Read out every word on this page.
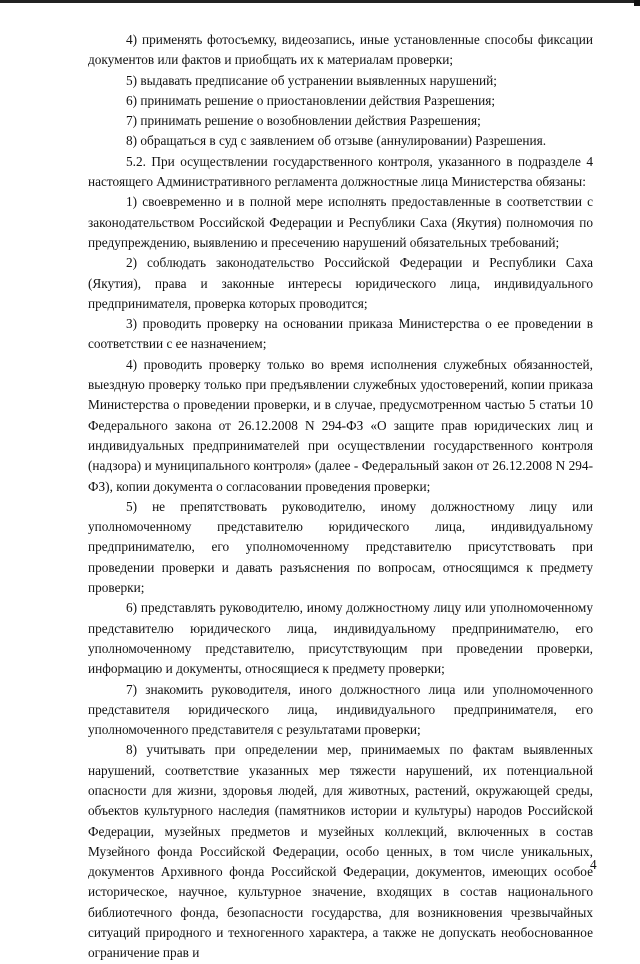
4) применять фотосъемку, видеозапись, иные установленные способы фиксации документов или фактов и приобщать их к материалам проверки;

5) выдавать предписание об устранении выявленных нарушений;

6) принимать решение о приостановлении действия Разрешения;

7) принимать решение о возобновлении действия Разрешения;

8) обращаться в суд с заявлением об отзыве (аннулировании) Разрешения.

5.2. При осуществлении государственного контроля, указанного в подразделе 4 настоящего Административного регламента должностные лица Министерства обязаны:

1) своевременно и в полной мере исполнять предоставленные в соответствии с законодательством Российской Федерации и Республики Саха (Якутия) полномочия по предупреждению, выявлению и пресечению нарушений обязательных требований;

2) соблюдать законодательство Российской Федерации и Республики Саха (Якутия), права и законные интересы юридического лица, индивидуального предпринимателя, проверка которых проводится;

3) проводить проверку на основании приказа Министерства о ее проведении в соответствии с ее назначением;

4) проводить проверку только во время исполнения служебных обязанностей, выездную проверку только при предъявлении служебных удостоверений, копии приказа Министерства о проведении проверки, и в случае, предусмотренном частью 5 статьи 10 Федерального закона от 26.12.2008 N 294-ФЗ «О защите прав юридических лиц и индивидуальных предпринимателей при осуществлении государственного контроля (надзора) и муниципального контроля» (далее - Федеральный закон от 26.12.2008 N 294-ФЗ), копии документа о согласовании проведения проверки;

5) не препятствовать руководителю, иному должностному лицу или уполномоченному представителю юридического лица, индивидуальному предпринимателю, его уполномоченному представителю присутствовать при проведении проверки и давать разъяснения по вопросам, относящимся к предмету проверки;

6) представлять руководителю, иному должностному лицу или уполномоченному представителю юридического лица, индивидуальному предпринимателю, его уполномоченному представителю, присутствующим при проведении проверки, информацию и документы, относящиеся к предмету проверки;

7) знакомить руководителя, иного должностного лица или уполномоченного представителя юридического лица, индивидуального предпринимателя, его уполномоченного представителя с результатами проверки;

8) учитывать при определении мер, принимаемых по фактам выявленных нарушений, соответствие указанных мер тяжести нарушений, их потенциальной опасности для жизни, здоровья людей, для животных, растений, окружающей среды, объектов культурного наследия (памятников истории и культуры) народов Российской Федерации, музейных предметов и музейных коллекций, включенных в состав Музейного фонда Российской Федерации, особо ценных, в том числе уникальных, документов Архивного фонда Российской Федерации, документов, имеющих особое историческое, научное, культурное значение, входящих в состав национального библиотечного фонда, безопасности государства, для возникновения чрезвычайных ситуаций природного и техногенного характера, а также не допускать необоснованное ограничение прав и

4
